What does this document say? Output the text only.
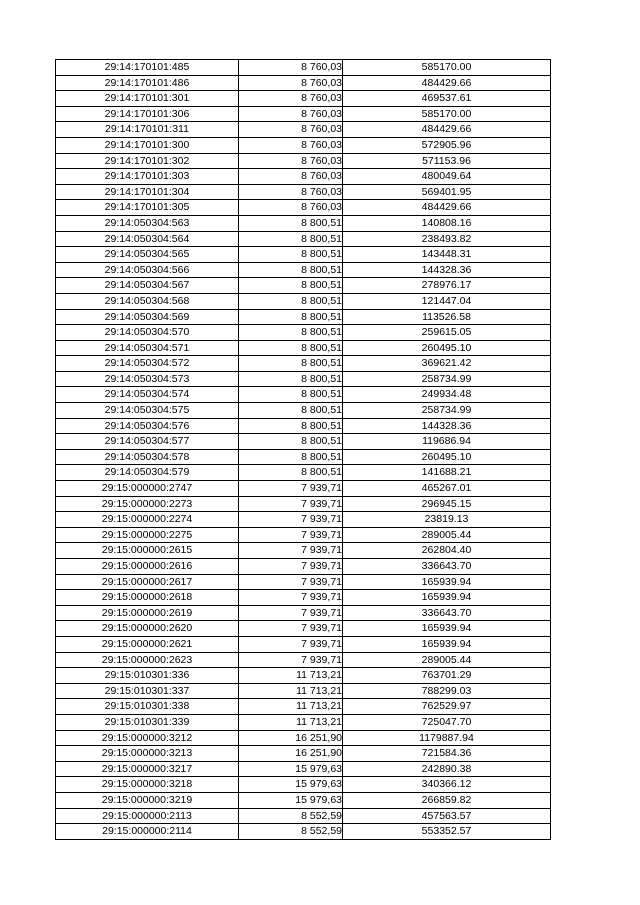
29:14:170101:485	8 760,03	585170.00
29:14:170101:486	8 760,03	484429.66
29:14:170101:301	8 760,03	469537.61
29:14:170101:306	8 760,03	585170.00
29:14:170101:311	8 760,03	484429.66
29:14:170101:300	8 760,03	572905.96
29:14:170101:302	8 760,03	571153.96
29:14:170101:303	8 760,03	480049.64
29:14:170101:304	8 760,03	569401.95
29:14:170101:305	8 760,03	484429.66
29:14:050304:563	8 800,51	140808.16
29:14:050304:564	8 800,51	238493.82
29:14:050304:565	8 800,51	143448.31
29:14:050304:566	8 800,51	144328.36
29:14:050304:567	8 800,51	278976.17
29:14:050304:568	8 800,51	121447.04
29:14:050304:569	8 800,51	113526.58
29:14:050304:570	8 800,51	259615.05
29:14:050304:571	8 800,51	260495.10
29:14:050304:572	8 800,51	369621.42
29:14:050304:573	8 800,51	258734.99
29:14:050304:574	8 800,51	249934.48
29:14:050304:575	8 800,51	258734.99
29:14:050304:576	8 800,51	144328.36
29:14:050304:577	8 800,51	119686.94
29:14:050304:578	8 800,51	260495.10
29:14:050304:579	8 800,51	141688.21
29:15:000000:2747	7 939,71	465267.01
29:15:000000:2273	7 939,71	296945.15
29:15:000000:2274	7 939,71	23819.13
29:15:000000:2275	7 939,71	289005.44
29:15:000000:2615	7 939,71	262804.40
29:15:000000:2616	7 939,71	336643.70
29:15:000000:2617	7 939,71	165939.94
29:15:000000:2618	7 939,71	165939.94
29:15:000000:2619	7 939,71	336643.70
29:15:000000:2620	7 939,71	165939.94
29:15:000000:2621	7 939,71	165939.94
29:15:000000:2623	7 939,71	289005.44
29:15:010301:336	11 713,21	763701.29
29:15:010301:337	11 713,21	788299.03
29:15:010301:338	11 713,21	762529.97
29:15:010301:339	11 713,21	725047.70
29:15:000000:3212	16 251,90	1179887.94
29:15:000000:3213	16 251,90	721584.36
29:15:000000:3217	15 979,63	242890.38
29:15:000000:3218	15 979,63	340366.12
29:15:000000:3219	15 979,63	266859.82
29:15:000000:2113	8 552,59	457563.57
29:15:000000:2114	8 552,59	553352.57
